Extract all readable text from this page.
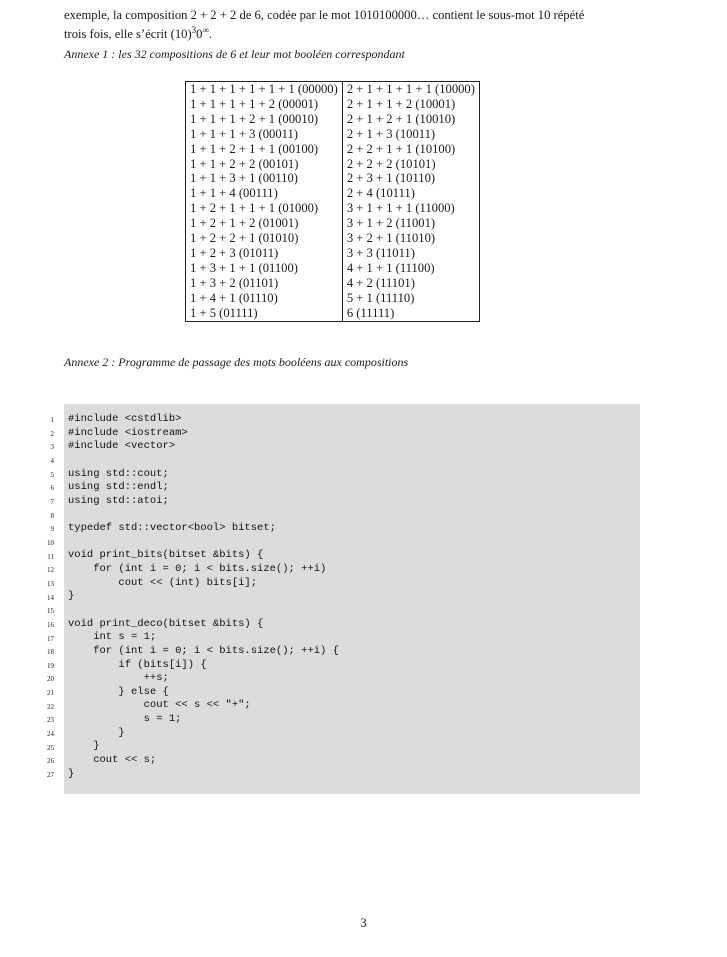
exemple, la composition 2 + 2 + 2 de 6, codée par le mot 1010100000… contient le sous-mot 10 répété
trois fois, elle s’écrit $(10)^30^\infty$.

Annexe 1 : les 32 compositions de 6 et leur mot booléen correspondant

1 + 1 + 1 + 1 + 1 + 1 (00000)	2 + 1 + 1 + 1 + 1 (10000)
1 + 1 + 1 + 1 + 2 (00001)	2 + 1 + 1 + 2 (10001)
1 + 1 + 1 + 2 + 1 (00010)	2 + 1 + 2 + 1 (10010)
1 + 1 + 1 + 3 (00011)	2 + 1 + 3 (10011)
1 + 1 + 2 + 1 + 1 (00100)	2 + 2 + 1 + 1 (10100)
1 + 1 + 2 + 2 (00101)	2 + 2 + 2 (10101)
1 + 1 + 3 + 1 (00110)	2 + 3 + 1 (10110)
1 + 1 + 4 (00111)	2 + 4 (10111)
1 + 2 + 1 + 1 + 1 (01000)	3 + 1 + 1 + 1 (11000)
1 + 2 + 1 + 2 (01001)	3 + 1 + 2 (11001)
1 + 2 + 2 + 1 (01010)	3 + 2 + 1 (11010)
1 + 2 + 3 (01011)	3 + 3 (11011)
1 + 3 + 1 + 1 (01100)	4 + 1 + 1 (11100)
1 + 3 + 2 (01101)	4 + 2 (11101)
1 + 4 + 1 (01110)	5 + 1 (11110)
1 + 5 (01111)	6 (11111)

Annexe 2 : Programme de passage des mots booléens aux compositions

1
2
3
4
5
6
7
8
9
10
11
12
13
14
15
16
17
18
19
20
21
22
23
24
25
26
27
#include <cstdlib>
#include <iostream>
#include <vector>
using std::cout;
using std::endl;
using std::atoi;
typedef std::vector<bool> bitset;
void print_bits(bitset &bits) {
for (int i = 0; i < bits.size(); ++i)
cout << (int) bits[i];
}
void print_deco(bitset &bits) {
int s = 1;
for (int i = 0; i < bits.size(); ++i) {
if (bits[i]) {
++s;
} else {
cout << s << "+";
s = 1;
}
}
cout << s;
}
3
